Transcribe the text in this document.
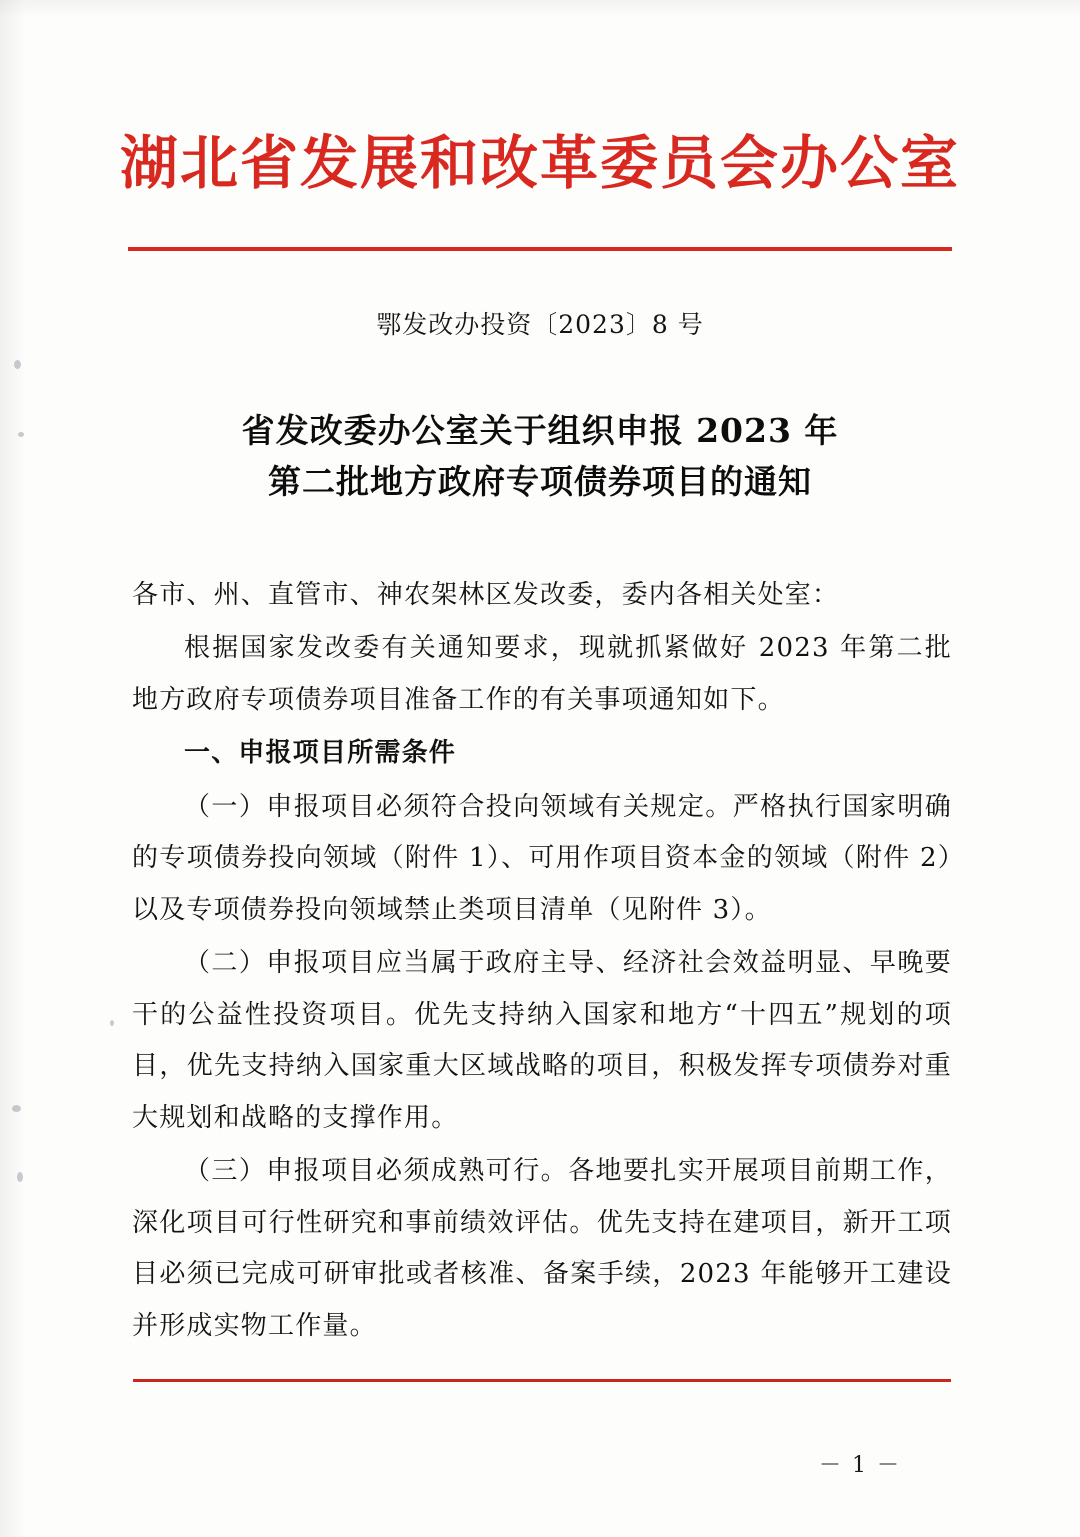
湖北省发展和改革委员会办公室
鄂发改办投资〔2023〕8 号
省发改委办公室关于组织申报 2023 年
第二批地方政府专项债券项目的通知

各市、州、直管市、神农架林区发改委，委内各相关处室：

根据国家发改委有关通知要求，现就抓紧做好 2023 年第二批地方政府专项债券项目准备工作的有关事项通知如下。

一、申报项目所需条件

（一）申报项目必须符合投向领域有关规定。严格执行国家明确的专项债券投向领域（附件 1）、可用作项目资本金的领域（附件 2）以及专项债券投向领域禁止类项目清单（见附件 3）。

（二）申报项目应当属于政府主导、经济社会效益明显、早晚要干的公益性投资项目。优先支持纳入国家和地方“十四五”规划的项目，优先支持纳入国家重大区域战略的项目，积极发挥专项债券对重大规划和战略的支撑作用。

（三）申报项目必须成熟可行。各地要扎实开展项目前期工作，深化项目可行性研究和事前绩效评估。优先支持在建项目，新开工项目必须已完成可研审批或者核准、备案手续，2023 年能够开工建设并形成实物工作量。

－ 1 －
